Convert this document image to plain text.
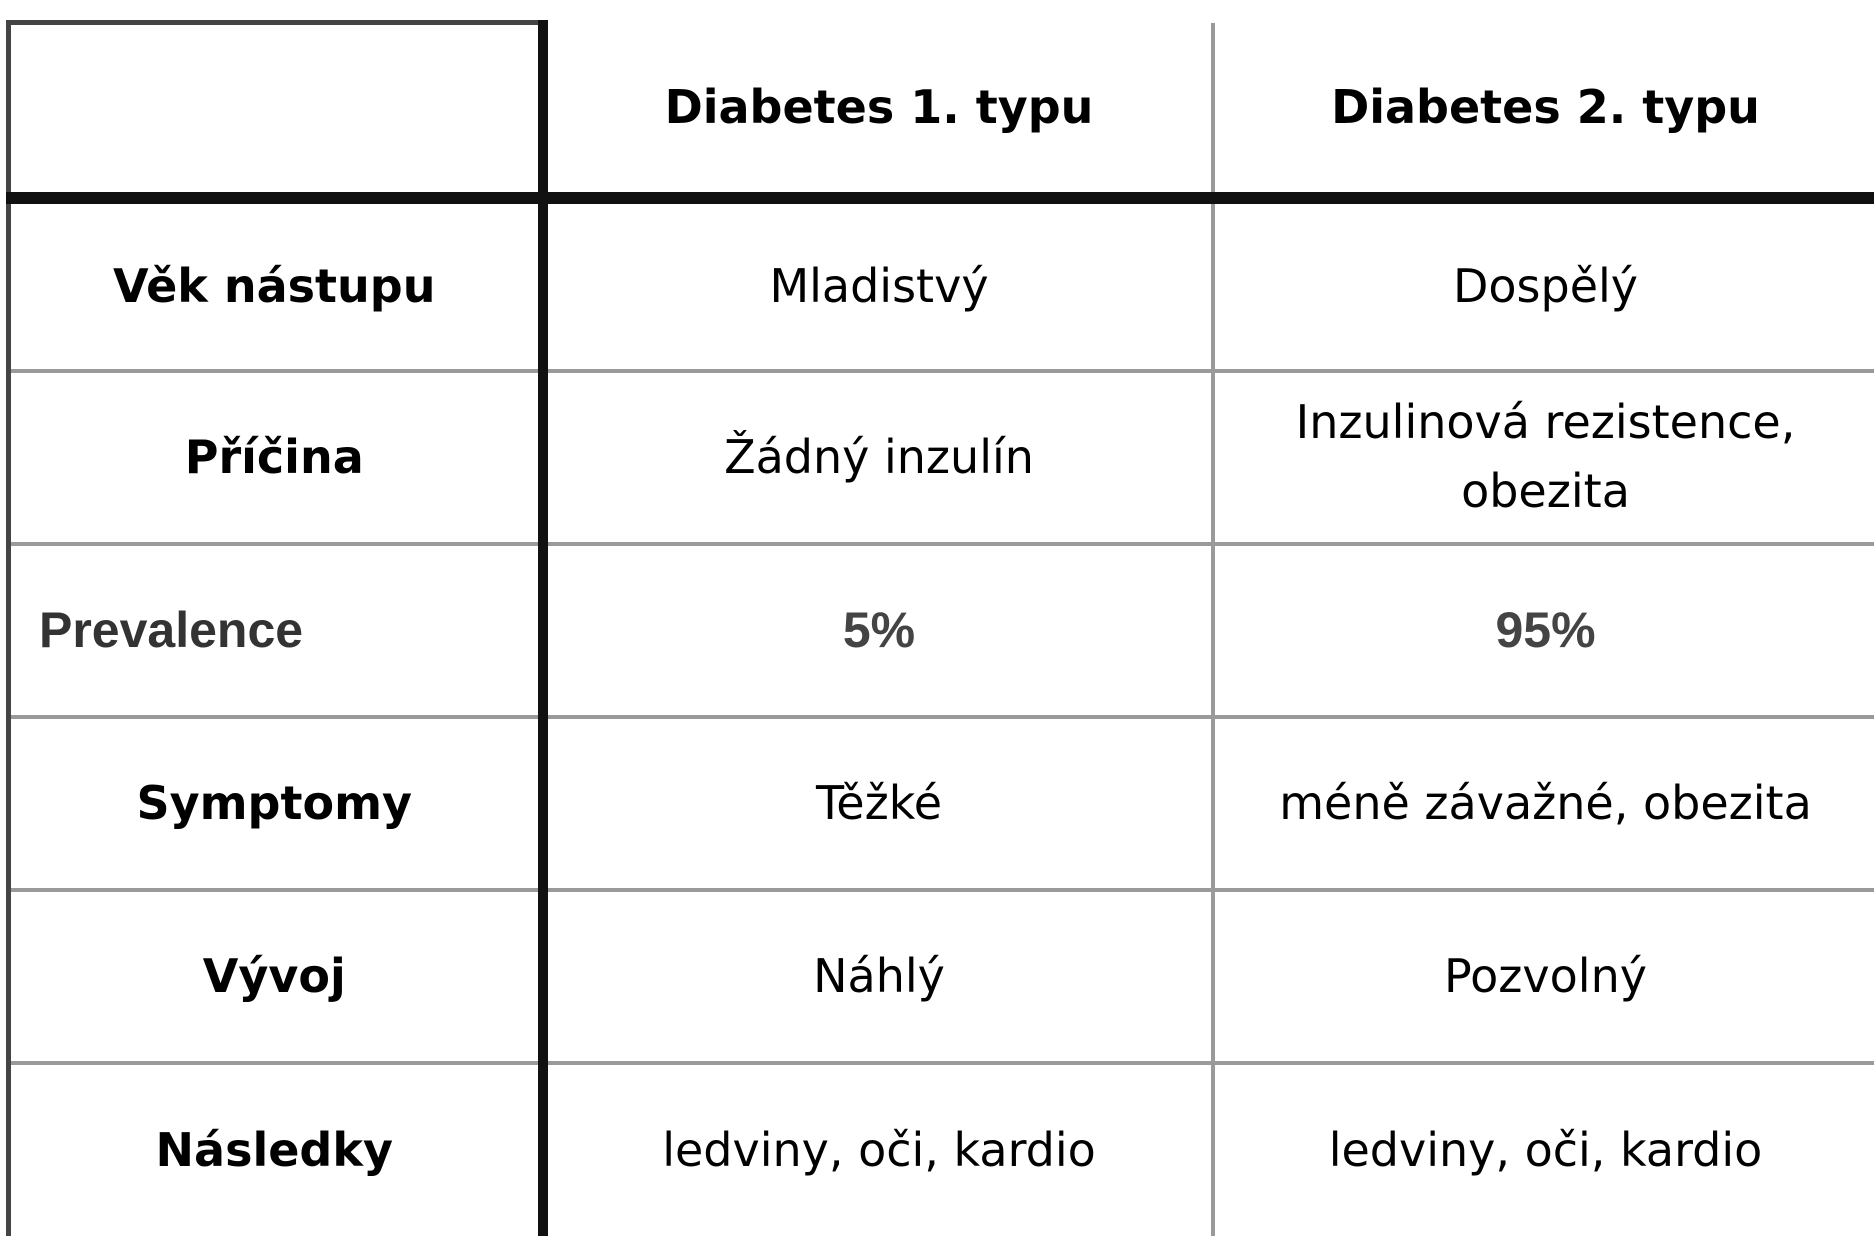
	Diabetes 1. typu	Diabetes 2. typu
Věk nástupu	Mladistvý	Dospělý
Příčina	Žádný inzulín	Inzulinová rezistence, obezita
Prevalence	5%	95%
Symptomy	Těžké	méně závažné, obezita
Vývoj	Náhlý	Pozvolný
Následky	ledviny, oči, kardio	ledviny, oči, kardio
